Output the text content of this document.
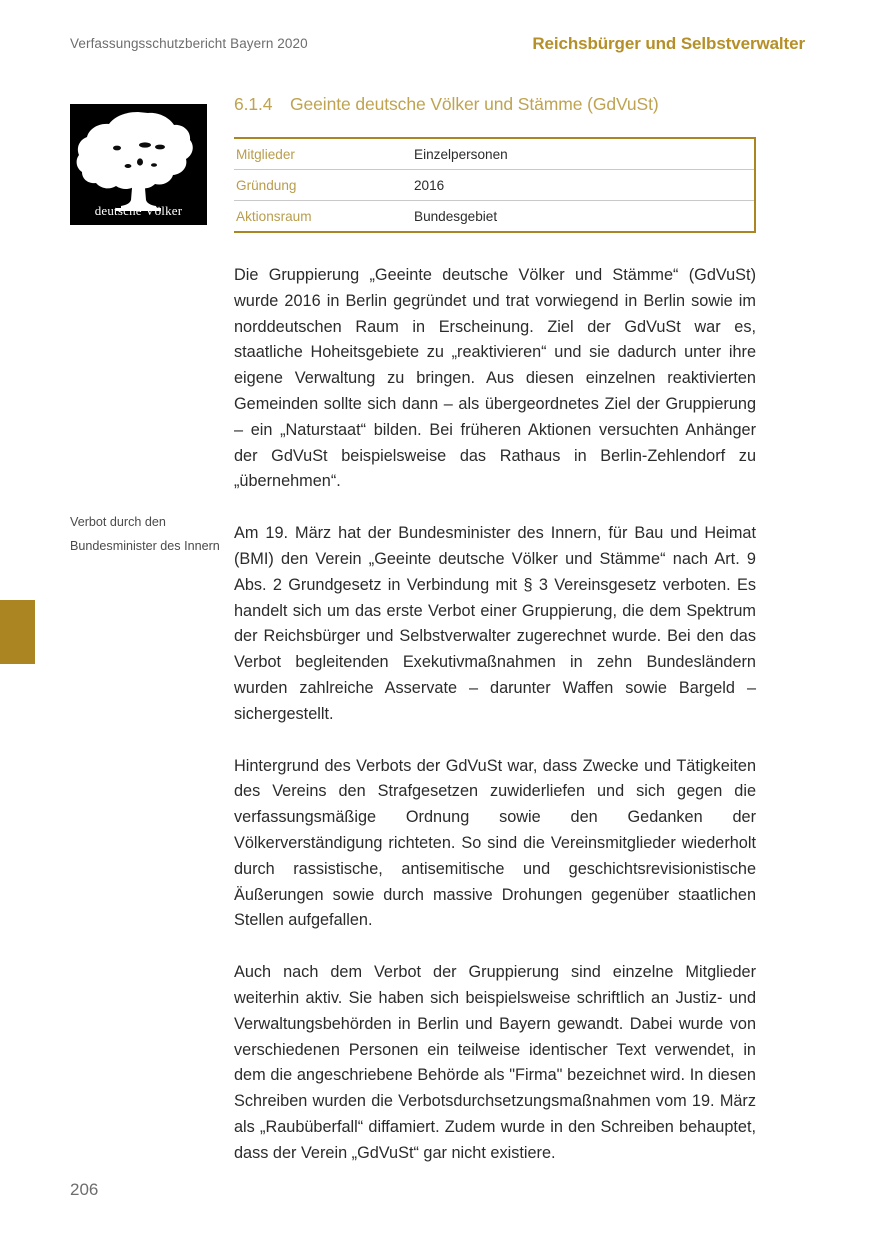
Verfassungsschutzbericht Bayern 2020	Reichsbürger und Selbstverwalter
deutsche Völker
Verbot durch den Bundesminister des Innern
6.1.4	Geeinte deutsche Völker und Stämme (GdVuSt)
Mitglieder	Einzelpersonen
Gründung	2016
Aktionsraum	Bundesgebiet

Die Gruppierung „Geeinte deutsche Völker und Stämme“ (GdVuSt) wurde 2016 in Berlin gegründet und trat vorwiegend in Berlin sowie im norddeutschen Raum in Erscheinung. Ziel der GdVuSt war es, staatliche Hoheitsgebiete zu „reaktivieren“ und sie dadurch unter ihre eigene Verwaltung zu bringen. Aus diesen einzelnen reaktivierten Gemeinden sollte sich dann – als übergeordnetes Ziel der Gruppierung – ein „Naturstaat“ bilden. Bei früheren Aktionen versuchten Anhänger der GdVuSt beispielsweise das Rathaus in Berlin-Zehlendorf zu „übernehmen“.

Am 19. März hat der Bundesminister des Innern, für Bau und Heimat (BMI) den Verein „Geeinte deutsche Völker und Stämme“ nach Art. 9 Abs. 2 Grundgesetz in Verbindung mit § 3 Vereinsgesetz verboten. Es handelt sich um das erste Verbot einer Gruppierung, die dem Spektrum der Reichsbürger und Selbstverwalter zugerechnet wurde. Bei den das Verbot begleitenden Exekutivmaßnahmen in zehn Bundesländern wurden zahlreiche Asservate – darunter Waffen sowie Bargeld – sichergestellt.

Hintergrund des Verbots der GdVuSt war, dass Zwecke und Tätigkeiten des Vereins den Strafgesetzen zuwiderliefen und sich gegen die verfassungsmäßige Ordnung sowie den Gedanken der Völkerverständigung richteten. So sind die Vereinsmitglieder wiederholt durch rassistische, antisemitische und geschichtsrevisionistische Äußerungen sowie durch massive Drohungen gegenüber staatlichen Stellen aufgefallen.

Auch nach dem Verbot der Gruppierung sind einzelne Mitglieder weiterhin aktiv. Sie haben sich beispielsweise schriftlich an Justiz- und Verwaltungsbehörden in Berlin und Bayern gewandt. Dabei wurde von verschiedenen Personen ein teilweise identischer Text verwendet, in dem die angeschriebene Behörde als "Firma" bezeichnet wird. In diesen Schreiben wurden die Verbotsdurchsetzungsmaßnahmen vom 19. März als „Raubüberfall“ diffamiert. Zudem wurde in den Schreiben behauptet, dass der Verein „GdVuSt“ gar nicht existiere.

206
